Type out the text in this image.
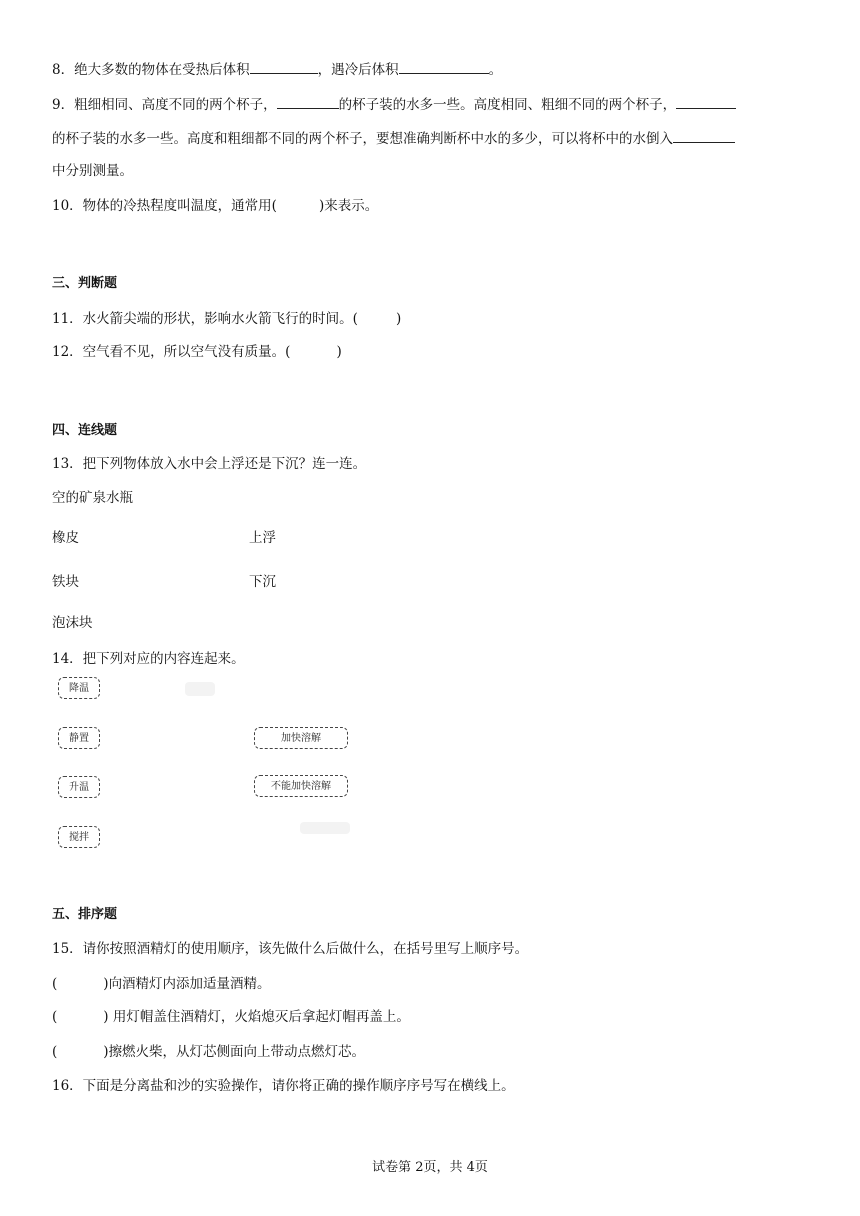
8．绝大多数的物体在受热后体积	，遇冷后体积	。
9．粗细相同、高度不同的两个杯子，	的杯子装的水多一些。高度相同、粗细不同的两个杯子，
的杯子装的水多一些。高度和粗细都不同的两个杯子，要想准确判断杯中水的多少，可以将杯中的水倒入
中分别测量。
10．物体的冷热程度叫温度，通常用(	)来表示。
三、判断题
11．水火箭尖端的形状，影响水火箭飞行的时间。(	)
12．空气看不见，所以空气没有质量。(	)
四、连线题
13．把下列物体放入水中会上浮还是下沉？连一连。
空的矿泉水瓶
橡皮
铁块
泡沫块
上浮
下沉
14．把下列对应的内容连起来。
降温
静置
升温
搅拌
加快溶解
不能加快溶解
五、排序题
15．请你按照酒精灯的使用顺序，该先做什么后做什么，在括号里写上顺序号。
(	)向酒精灯内添加适量酒精。
(	) 用灯帽盖住酒精灯，火焰熄灭后拿起灯帽再盖上。
(	)擦燃火柴，从灯芯侧面向上带动点燃灯芯。
16．下面是分离盐和沙的实验操作，请你将正确的操作顺序序号写在横线上。
试卷第 2页，共 4页
